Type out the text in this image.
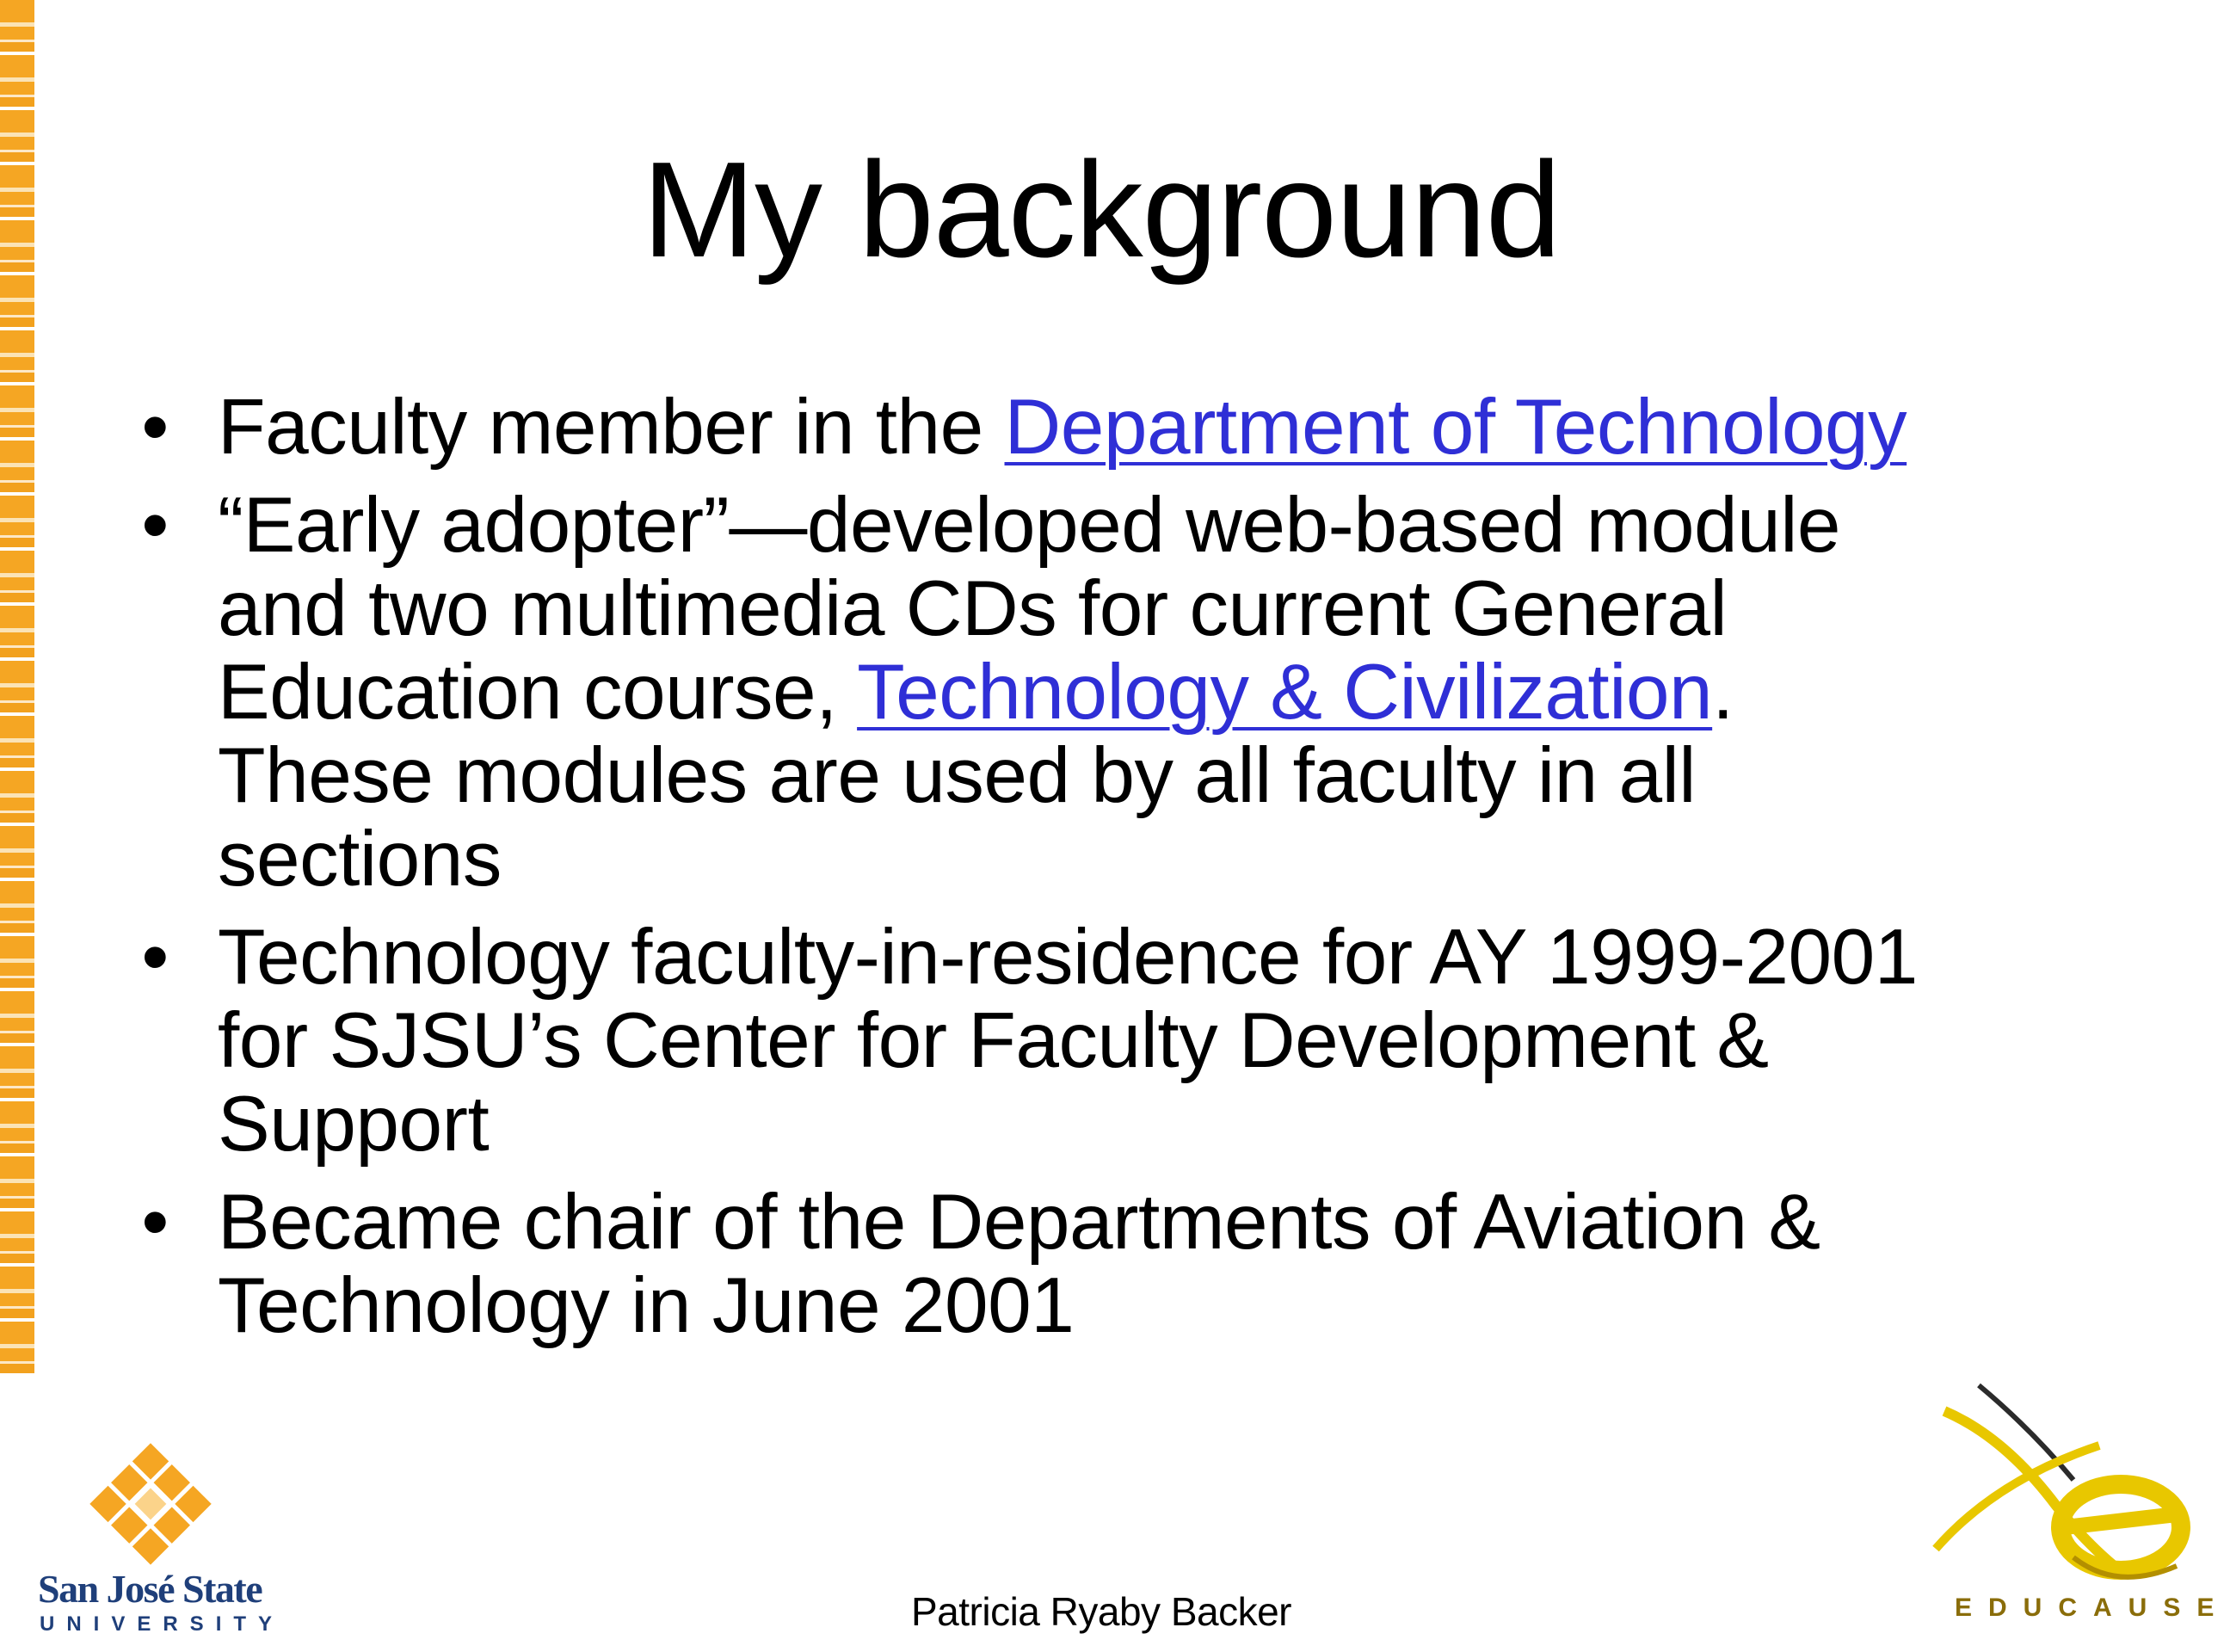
My background
• Faculty member in the Department of Technology
• “Early adopter”—developed web-based module
and two multimedia CDs for current General
Education course, Technology & Civilization.
These modules are used by all faculty in all
sections
• Technology faculty-in-residence for AY 1999-2001
for SJSU’s Center for Faculty Development &
Support
• Became chair of the Departments of Aviation &
Technology in June 2001
San José State
UNIVERSITY	Patricia Ryaby Backer	EDUCAUSE
